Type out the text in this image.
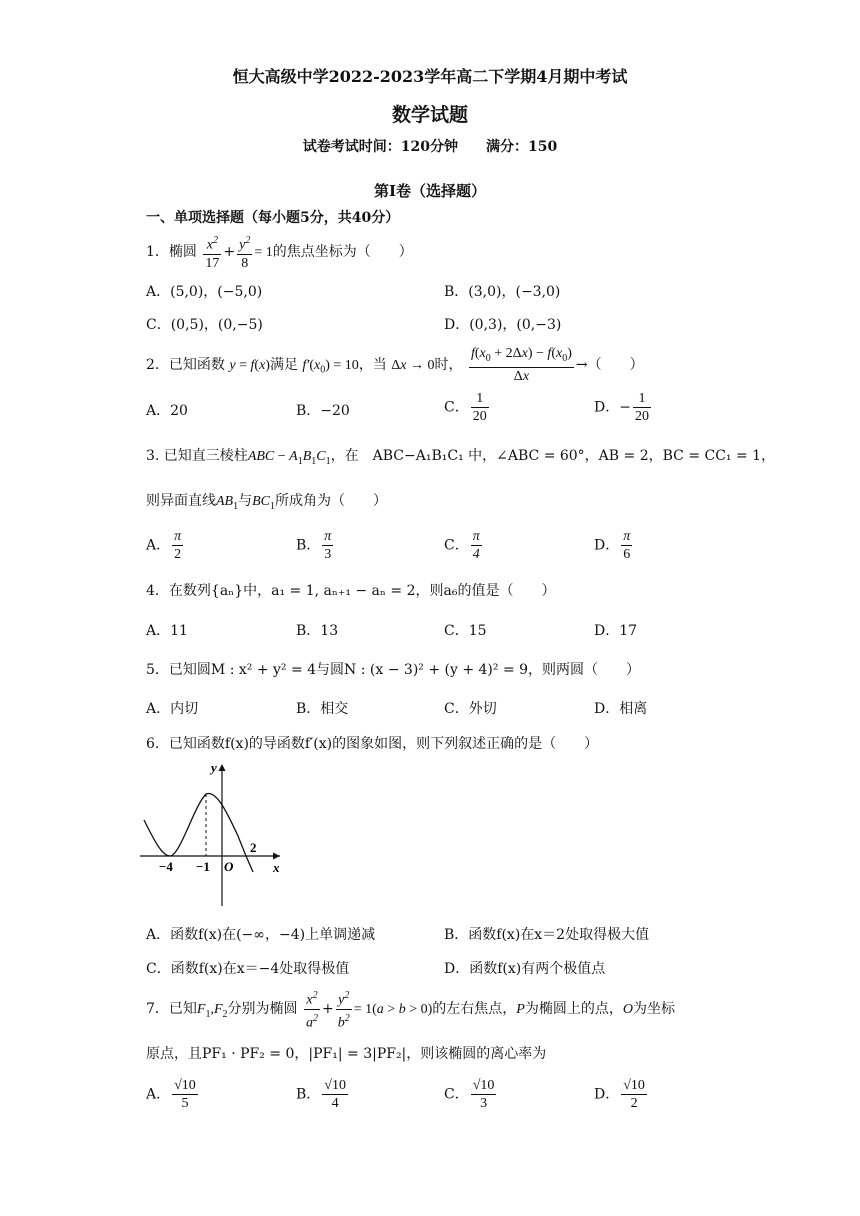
恒大高级中学2022-2023学年高二下学期4月期中考试
数学试题
试卷考试时间：120分钟　　满分：150
第Ⅰ卷（选择题）
一、单项选择题（每小题5分，共40分）
1．椭圆 $\frac{x^2}{17} + \frac{y^2}{8} = 1$的焦点坐标为（　　）
A．(5,0)，(−5,0)	B．(3,0)，(−3,0)
C．(0,5)，(0,−5)	D．(0,3)，(0,−3)
2．已知函数 y = f(x)满足 $f'(x_0) = 10$，当 Δx → 0时， $\frac{f(x_0 + 2\Delta x) - f(x_0)}{\Delta x}$ →（　　）
A．20	B．−20	C． $\frac{1}{20}$	D．− $\frac{1}{20}$
3. 已知直三棱柱ABC − $A_1B_1C_1$，在　ABC−A₁B₁C₁ 中，∠ABC = 60°，AB = 2，BC = CC₁ = 1，
则异面直线$AB_1$与$BC_1$所成角为（　　）
A． $\frac{\pi}{2}$	B． $\frac{\pi}{3}$	C． $\frac{\pi}{4}$	D． $\frac{\pi}{6}$
4．在数列{aₙ}中，a₁ = 1, aₙ₊₁ − aₙ = 2，则a₆的值是（　　）
A．11	B．13	C．15	D．17
5．已知圆M : x² + y² = 4与圆N : (x − 3)² + (y + 4)² = 9，则两圆（　　）
A．内切	B．相交	C．外切	D．相离
6．已知函数f(x)的导函数f′(x)的图象如图，则下列叙述正确的是（　　）
y
x
O
−4 −1
2
A．函数f(x)在(−∞，−4)上单调递减	B．函数f(x)在x＝2处取得极大值
C．函数f(x)在x＝−4处取得极值	D．函数f(x)有两个极值点
7．已知$F_1,F_2$分别为椭圆 $\frac{x^2}{a^2} + \frac{y^2}{b^2} = 1(a > b > 0)$的左右焦点，P为椭圆上的点，O为坐标
原点，且PF₁ · PF₂ = 0，|PF₁| = 3|PF₂|，则该椭圆的离心率为
A． $\frac{√10}{5}$	B． $\frac{√10}{4}$	C． $\frac{√10}{3}$	D． $\frac{√10}{2}$
